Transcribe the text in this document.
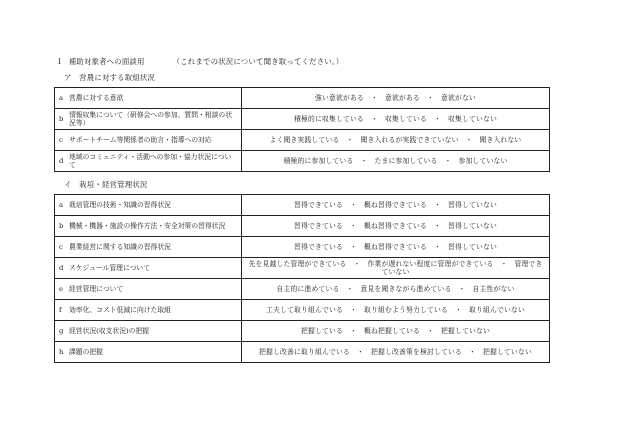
Ⅰ　補助対象者への面談用	（これまでの状況について聞き取ってください。）
ア　営農に対する取組状況
a 営農に対する意欲	強い意欲がある　・　意欲がある　・　意欲がない

b 情報収集について（研修会への参加、質問・相談の状況等）	積極的に収集している　・　収集している　・　収集していない

c サポートチーム等関係者の助言・指導への対応	よく聞き実践している　・　聞き入れるが実践できていない　・　聞き入れない

d 地域のコミュニティ・活動への参加・協力状況について	積極的に参加している　・　たまに参加している　・　参加していない
イ　栽培・経営管理状況
a 栽培管理の技術・知識の習得状況	習得できている　・　概ね習得できている　・　習得していない

b 機械・機器・施設の操作方法・安全対策の習得状況	習得できている　・　概ね習得できている　・　習得していない

c 農業経営に関する知識の習得状況	習得できている　・　概ね習得できている　・　習得していない

d スケジュール管理について	先を見越した管理ができている　・　作業が遅れない程度に管理ができている　・　管理できていない

e 経営管理について	自主的に進めている　・　意見を聞きながら進めている　・　自主性がない

f 効率化、コスト低減に向けた取組	工夫して取り組んでいる　・　取り組むよう努力している　・　取り組んでいない

g 経営状況(収支状況)の把握	把握している　・　概ね把握している　・　把握していない

h 課題の把握	把握し改善に取り組んでいる　・　把握し改善策を検討している　・　把握していない
